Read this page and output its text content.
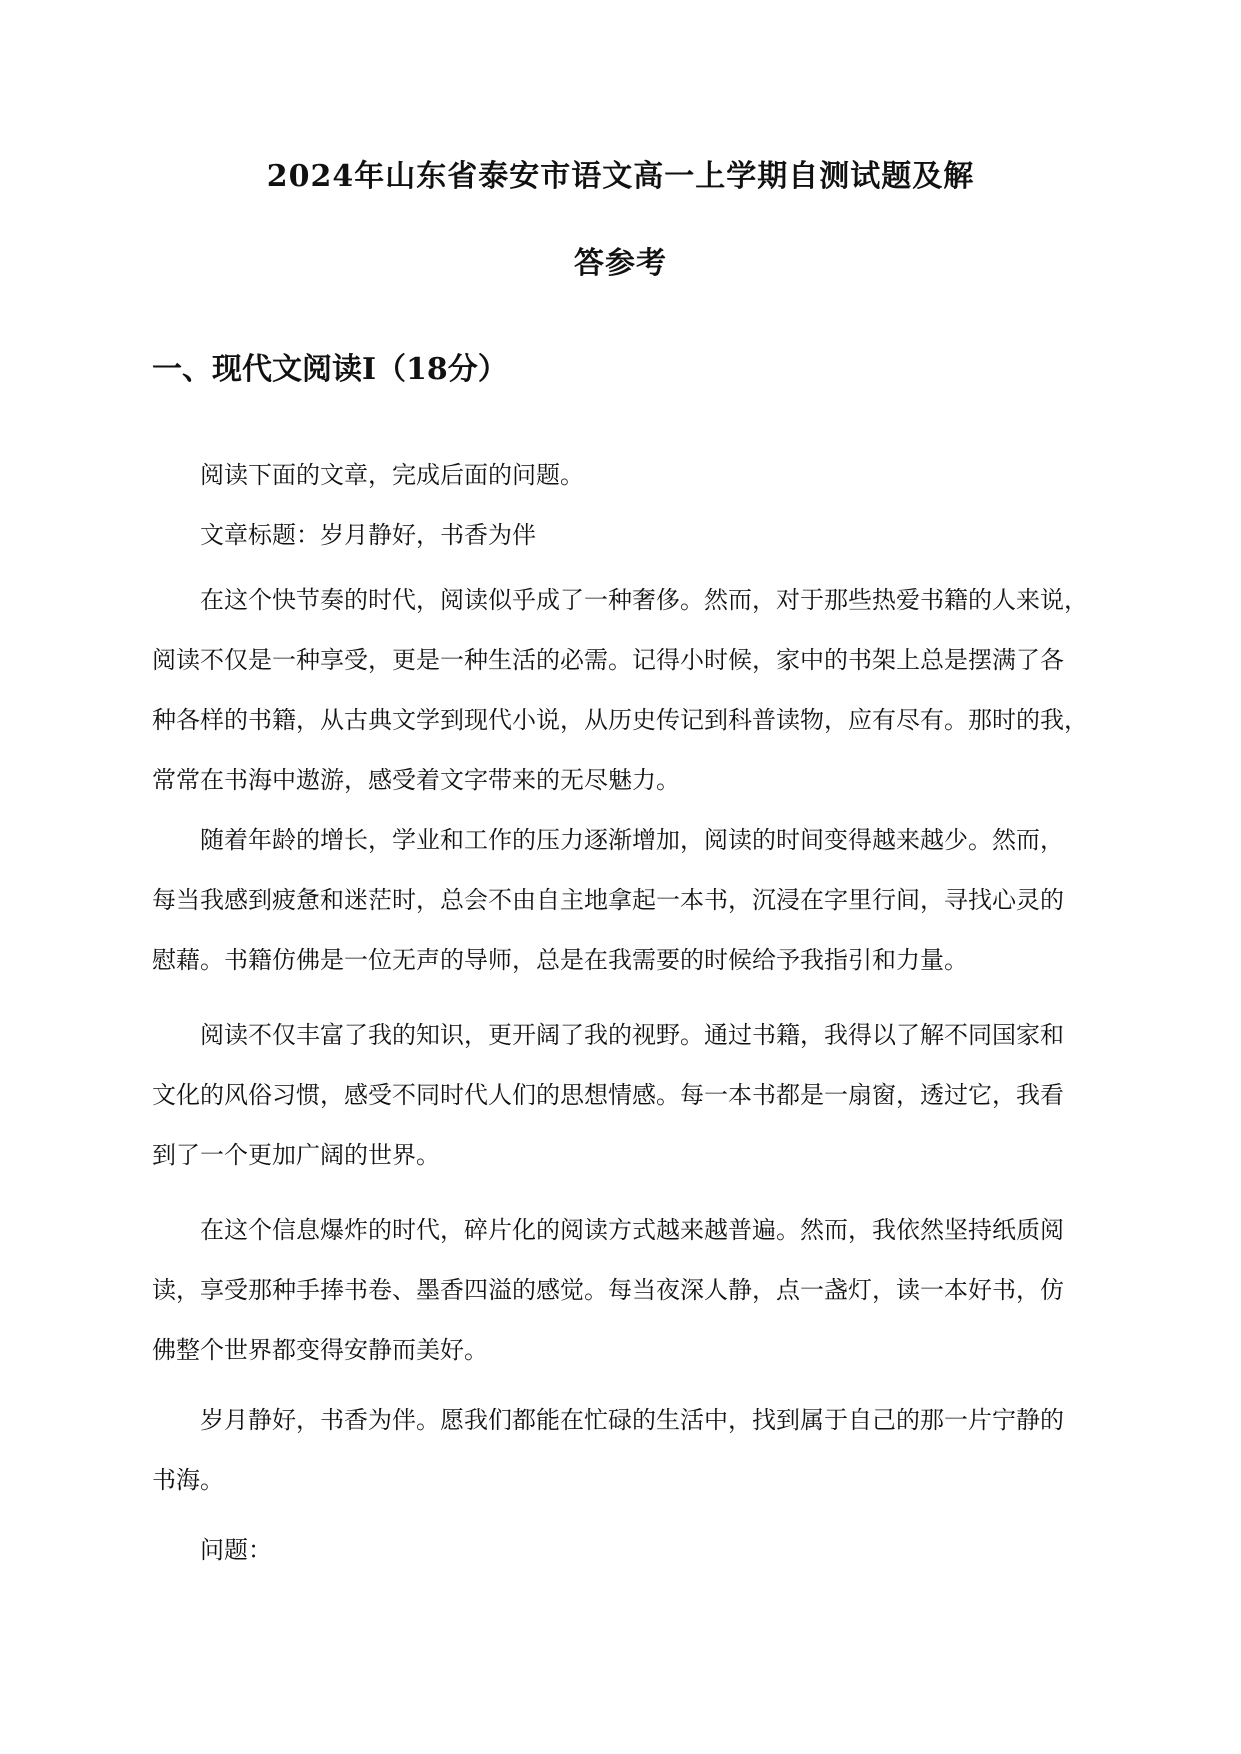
2024年山东省泰安市语文高一上学期自测试题及解
答参考
一、现代文阅读Ⅰ（18分）
阅读下面的文章，完成后面的问题。
文章标题：岁月静好，书香为伴
在这个快节奏的时代，阅读似乎成了一种奢侈。然而，对于那些热爱书籍的人来说，
阅读不仅是一种享受，更是一种生活的必需。记得小时候，家中的书架上总是摆满了各
种各样的书籍，从古典文学到现代小说，从历史传记到科普读物，应有尽有。那时的我，
常常在书海中遨游，感受着文字带来的无尽魅力。
随着年龄的增长，学业和工作的压力逐渐增加，阅读的时间变得越来越少。然而，
每当我感到疲惫和迷茫时，总会不由自主地拿起一本书，沉浸在字里行间，寻找心灵的
慰藉。书籍仿佛是一位无声的导师，总是在我需要的时候给予我指引和力量。
阅读不仅丰富了我的知识，更开阔了我的视野。通过书籍，我得以了解不同国家和
文化的风俗习惯，感受不同时代人们的思想情感。每一本书都是一扇窗，透过它，我看
到了一个更加广阔的世界。
在这个信息爆炸的时代，碎片化的阅读方式越来越普遍。然而，我依然坚持纸质阅
读，享受那种手捧书卷、墨香四溢的感觉。每当夜深人静，点一盏灯，读一本好书，仿
佛整个世界都变得安静而美好。
岁月静好，书香为伴。愿我们都能在忙碌的生活中，找到属于自己的那一片宁静的
书海。
问题：
